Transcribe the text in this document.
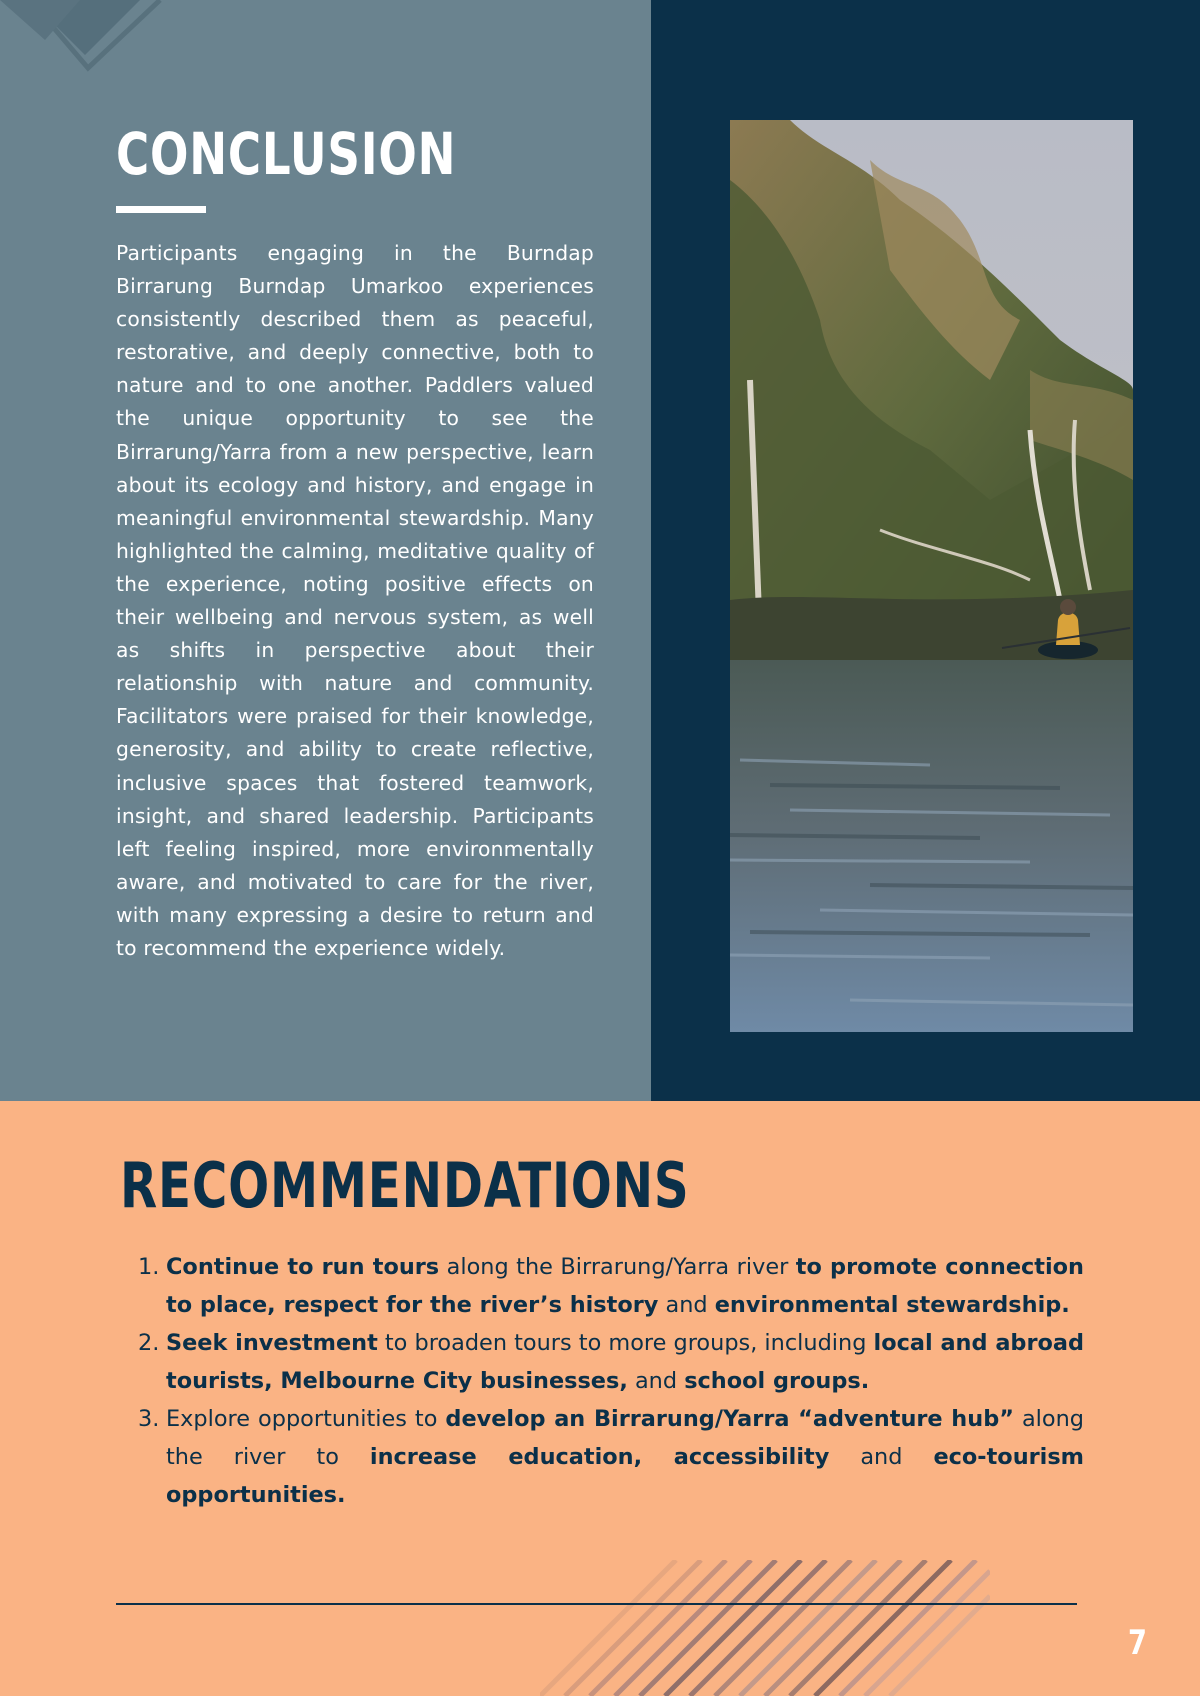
CONCLUSION

Participants engaging in the Burndap Birrarung Burndap Umarkoo experiences consistently described them as peaceful, restorative, and deeply connective, both to nature and to one another. Paddlers valued the unique opportunity to see the Birrarung/Yarra from a new perspective, learn about its ecology and history, and engage in meaningful environmental stewardship. Many highlighted the calming, meditative quality of the experience, noting positive effects on their wellbeing and nervous system, as well as shifts in perspective about their relationship with nature and community. Facilitators were praised for their knowledge, generosity, and ability to create reflective, inclusive spaces that fostered teamwork, insight, and shared leadership. Participants left feeling inspired, more environmentally aware, and motivated to care for the river, with many expressing a desire to return and to recommend the experience widely.

RECOMMENDATIONS
1. Continue to run tours along the Birrarung/Yarra river to promote connection to place, respect for the river’s history and environmental stewardship.
2. Seek investment to broaden tours to more groups, including local and abroad tourists, Melbourne City businesses, and school groups.
3. Explore opportunities to develop an Birrarung/Yarra “adventure hub” along the river to increase education, accessibility and eco-tourism opportunities.
7
